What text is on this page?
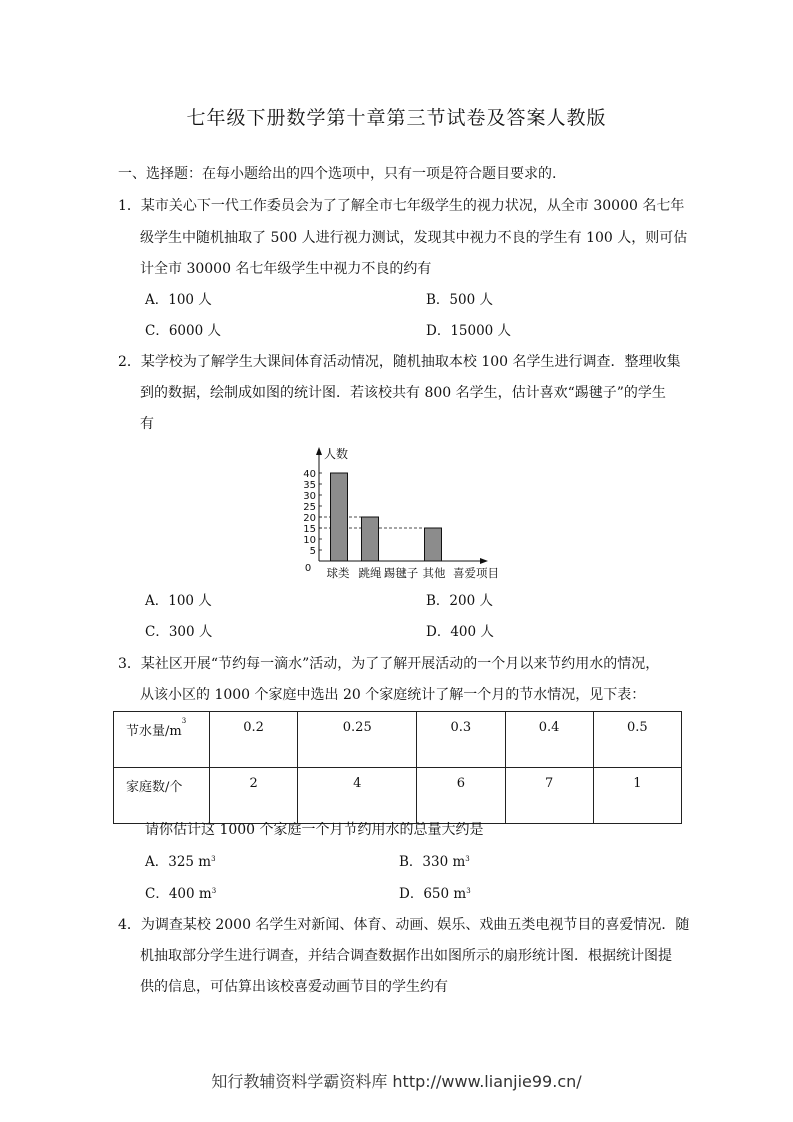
七年级下册数学第十章第三节试卷及答案人教版
一、选择题：在每小题给出的四个选项中，只有一项是符合题目要求的.
1．某市关心下一代工作委员会为了了解全市七年级学生的视力状况，从全市 30000 名七年
级学生中随机抽取了 500 人进行视力测试，发现其中视力不良的学生有 100 人，则可估
计全市 30000 名七年级学生中视力不良的约有
A．100 人	B．500 人
C．6000 人	D．15000 人
2．某学校为了解学生大课间体育活动情况，随机抽取本校 100 名学生进行调查．整理收集
到的数据，绘制成如图的统计图．若该校共有 800 名学生，估计喜欢“踢毽子”的学生
有
40
35
30
25
20
15
10
5
0
人数
球类 跳绳 踢毽子 其他 喜爱项目
A．100 人	B．200 人
C．300 人	D．400 人
3．某社区开展“节约每一滴水”活动，为了了解开展活动的一个月以来节约用水的情况，
从该小区的 1000 个家庭中选出 20 个家庭统计了解一个月的节水情况，见下表：
节水量$/m^3$	0.2	0.25	0.3	0.4	0.5
家庭数/个	2	4	6	7	1
请你估计这 1000 个家庭一个月节约用水的总量大约是
A．325 $m^3$	B．330 $m^3$
C．400 $m^3$	D．650 $m^3$
4．为调查某校 2000 名学生对新闻、体育、动画、娱乐、戏曲五类电视节目的喜爱情况．随
机抽取部分学生进行调查，并结合调查数据作出如图所示的扇形统计图．根据统计图提
供的信息，可估算出该校喜爱动画节目的学生约有
知行教辅资料学霸资料库 http://www.lianjie99.cn/
